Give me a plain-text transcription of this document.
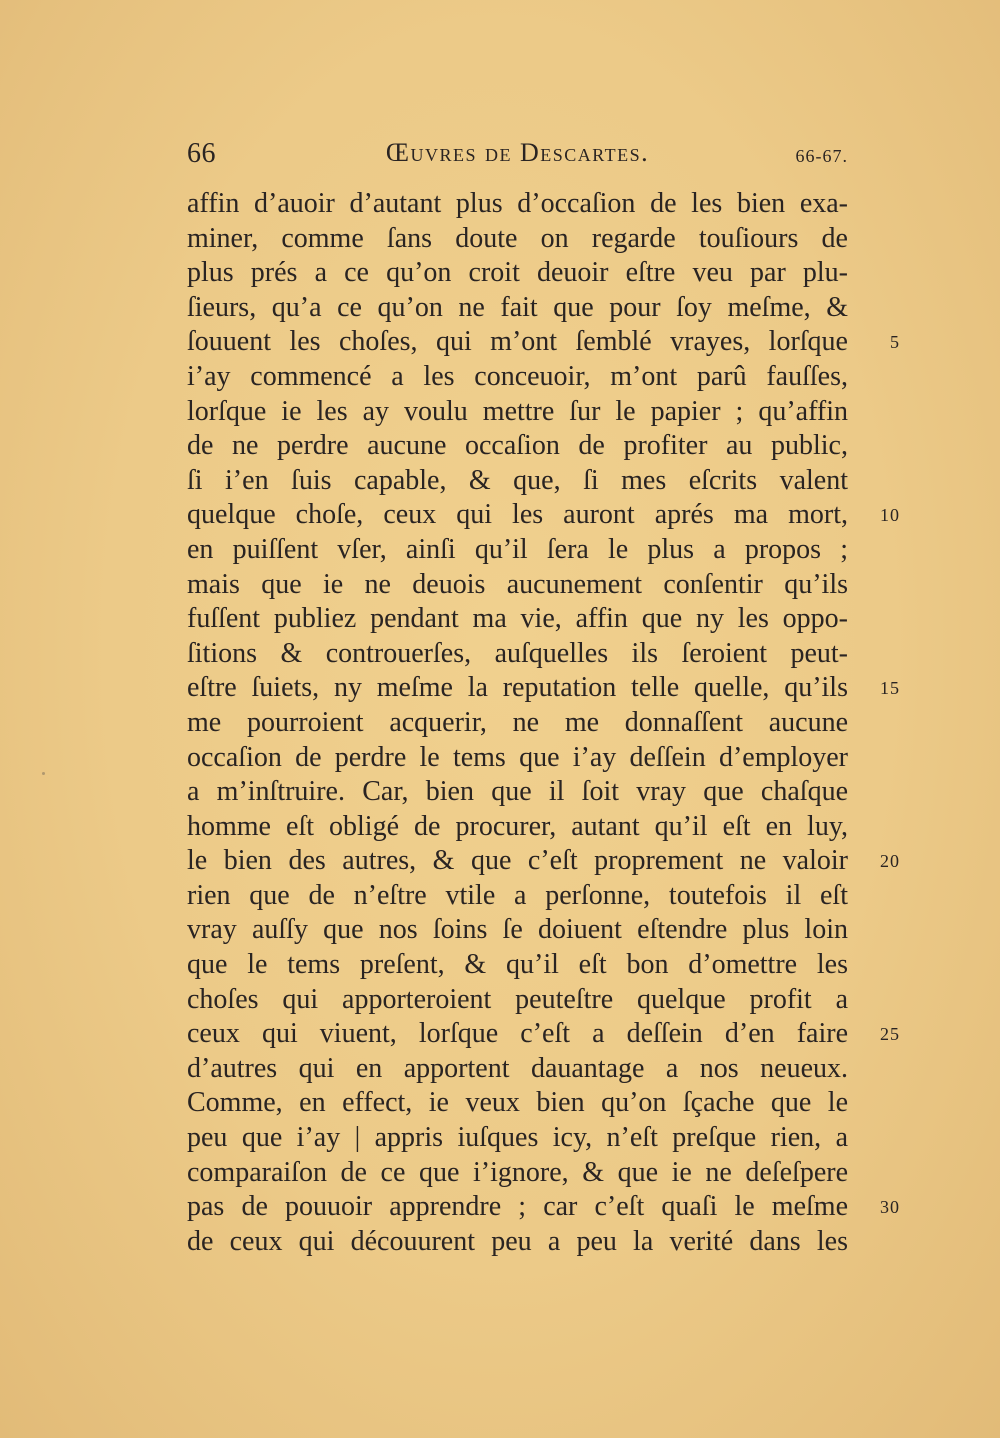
66	Œuvres de Descartes.	66-67.
affin d’auoir d’autant plus d’occaſion de les bien exa-
miner, comme ſans doute on regarde touſiours de
plus prés a ce qu’on croit deuoir eſtre veu par plu-
ſieurs, qu’a ce qu’on ne fait que pour ſoy meſme, &
ſouuent les choſes, qui m’ont ſemblé vrayes, lorſque
i’ay commencé a les conceuoir, m’ont parû fauſſes,
lorſque ie les ay voulu mettre ſur le papier ; qu’affin
de ne perdre aucune occaſion de profiter au public,
ſi i’en ſuis capable, & que, ſi mes eſcrits valent
quelque choſe, ceux qui les auront aprés ma mort,
en puiſſent vſer, ainſi qu’il ſera le plus a propos ;
mais que ie ne deuois aucunement conſentir qu’ils
fuſſent publiez pendant ma vie, affin que ny les oppo-
ſitions & controuerſes, auſquelles ils ſeroient peut-
eſtre ſuiets, ny meſme la reputation telle quelle, qu’ils
me pourroient acquerir, ne me donnaſſent aucune
occaſion de perdre le tems que i’ay deſſein d’employer
a m’inſtruire. Car, bien que il ſoit vray que chaſque
homme eſt obligé de procurer, autant qu’il eſt en luy,
le bien des autres, & que c’eſt proprement ne valoir
rien que de n’eſtre vtile a perſonne, toutefois il eſt
vray auſſy que nos ſoins ſe doiuent eſtendre plus loin
que le tems preſent, & qu’il eſt bon d’omettre les
choſes qui apporteroient peuteſtre quelque profit a
ceux qui viuent, lorſque c’eſt a deſſein d’en faire
d’autres qui en apportent dauantage a nos neueux.
Comme, en effect, ie veux bien qu’on ſçache que le
peu que i’ay | appris iuſques icy, n’eſt preſque rien, a
comparaiſon de ce que i’ignore, & que ie ne deſeſpere
pas de pouuoir apprendre ; car c’eſt quaſi le meſme
de ceux qui découurent peu a peu la verité dans les
5
10
15
20
25
30
